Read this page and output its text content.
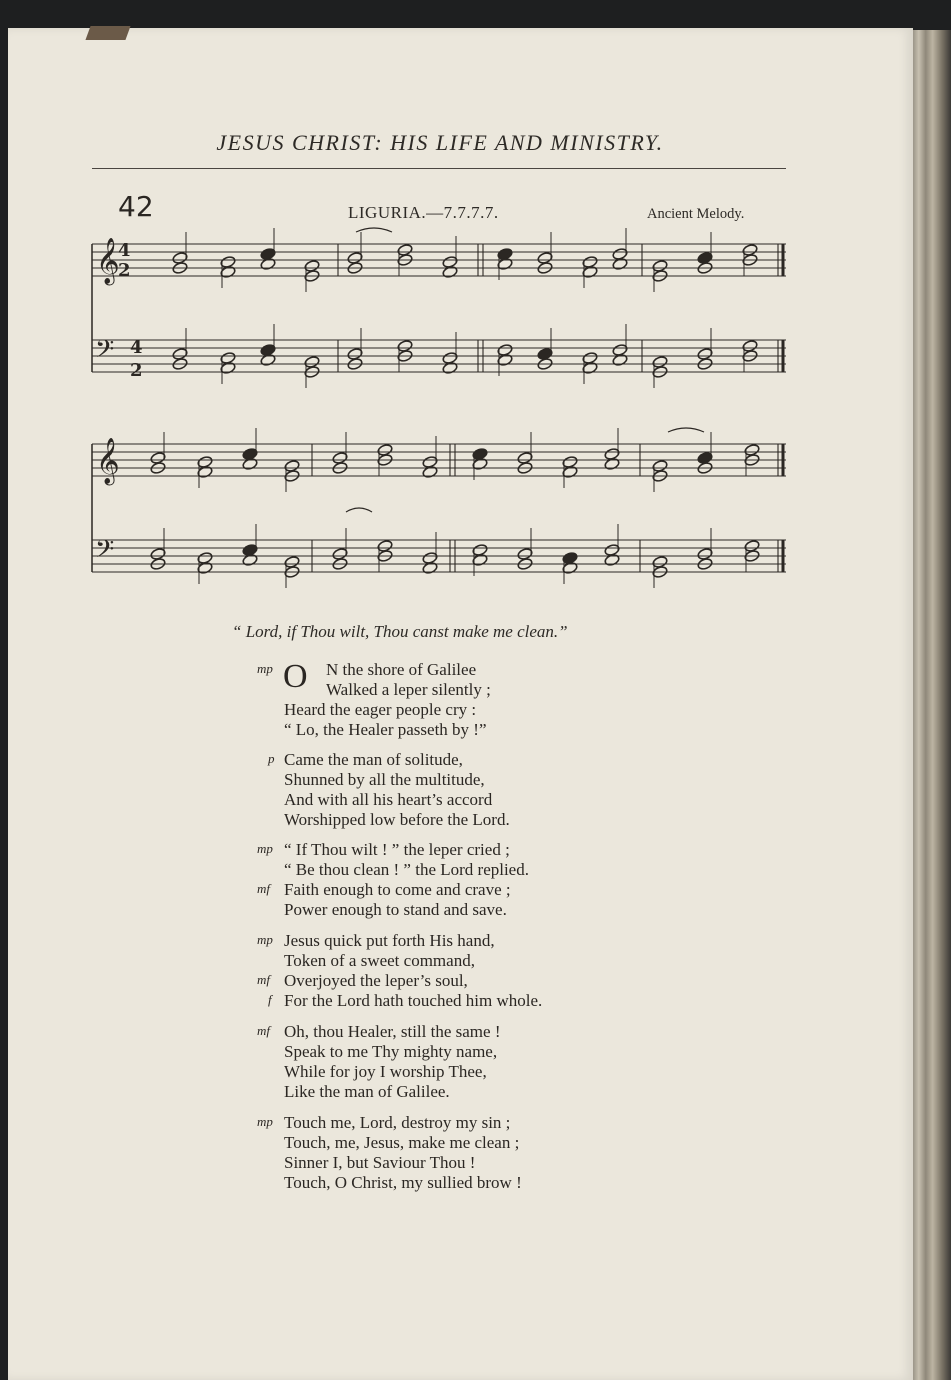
JESUS CHRIST: HIS LIFE AND MINISTRY.
42	LIGURIA.—7.7.7.7.	Ancient Melody.
𝄞
𝄞
𝄢
𝄢
4
2
4
2
“ Lord, if Thou wilt, Thou canst make me clean.”
O N the shore of Galilee
mp
Walked a leper silently ;
Heard the eager people cry :
“ Lo, the Healer passeth by !”
Came the man of solitude,
p
Shunned by all the multitude,
And with all his heart’s accord
Worshipped low before the Lord.
“ If Thou wilt ! ” the leper cried ;
mp
“ Be thou clean ! ” the Lord replied.
Faith enough to come and crave ;
mf
Power enough to stand and save.
Jesus quick put forth His hand,
mp
Token of a sweet command,
Overjoyed the leper’s soul,
mf
For the Lord hath touched him whole.
f
Oh, thou Healer, still the same !
mf
Speak to me Thy mighty name,
While for joy I worship Thee,
Like the man of Galilee.
Touch me, Lord, destroy my sin ;
mp
Touch, me, Jesus, make me clean ;
Sinner I, but Saviour Thou !
Touch, O Christ, my sullied brow !
